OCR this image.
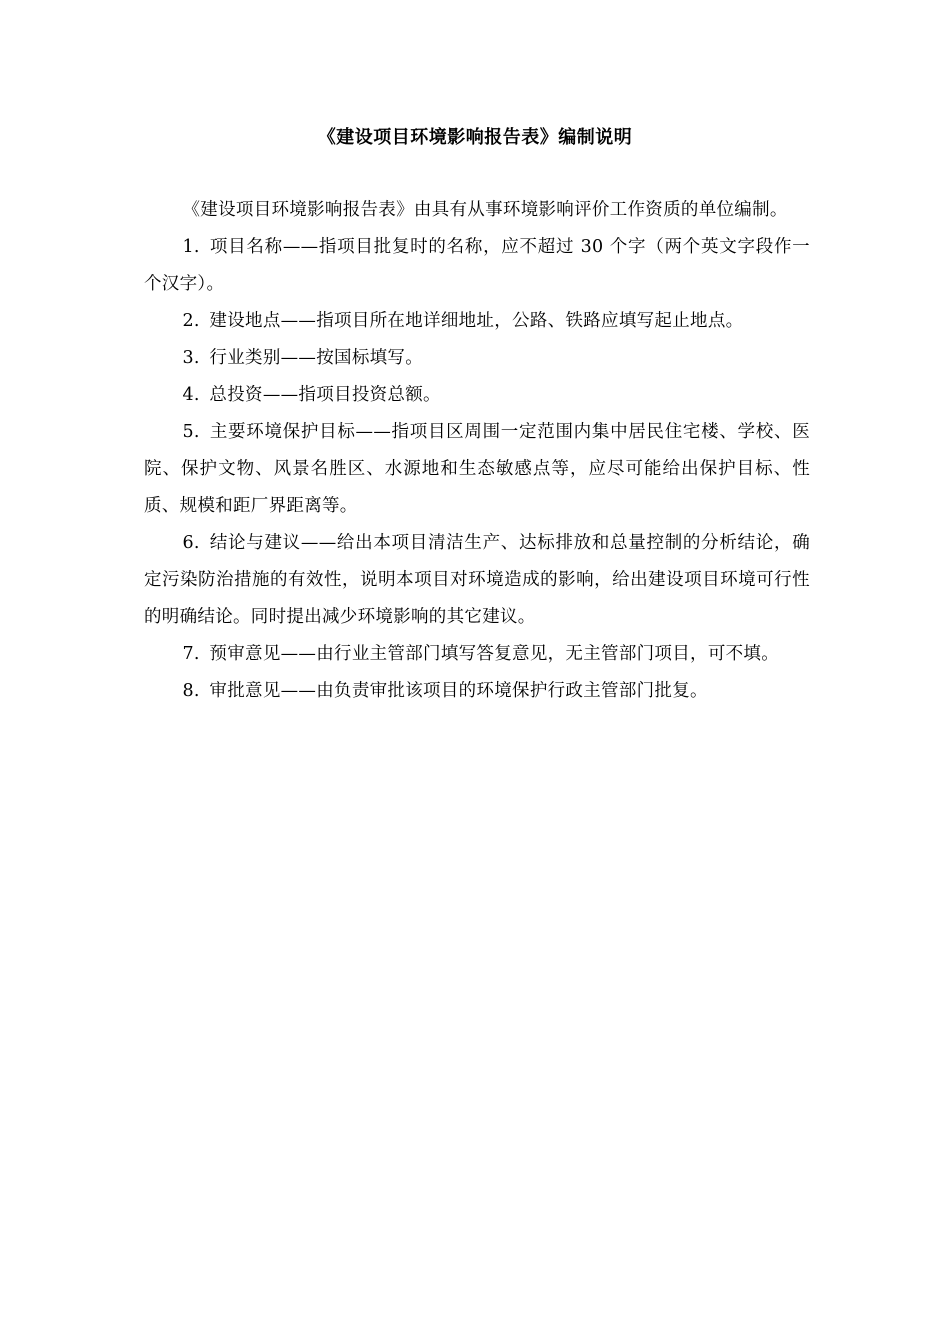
《建设项目环境影响报告表》编制说明

《建设项目环境影响报告表》由具有从事环境影响评价工作资质的单位编制。

1. 项目名称——指项目批复时的名称，应不超过 30 个字（两个英文字段作一个汉字）。

2. 建设地点——指项目所在地详细地址，公路、铁路应填写起止地点。

3. 行业类别——按国标填写。

4. 总投资——指项目投资总额。

5. 主要环境保护目标——指项目区周围一定范围内集中居民住宅楼、学校、医院、保护文物、风景名胜区、水源地和生态敏感点等，应尽可能给出保护目标、性质、规模和距厂界距离等。

6. 结论与建议——给出本项目清洁生产、达标排放和总量控制的分析结论，确定污染防治措施的有效性，说明本项目对环境造成的影响，给出建设项目环境可行性的明确结论。同时提出减少环境影响的其它建议。

7. 预审意见——由行业主管部门填写答复意见，无主管部门项目，可不填。

8. 审批意见——由负责审批该项目的环境保护行政主管部门批复。
